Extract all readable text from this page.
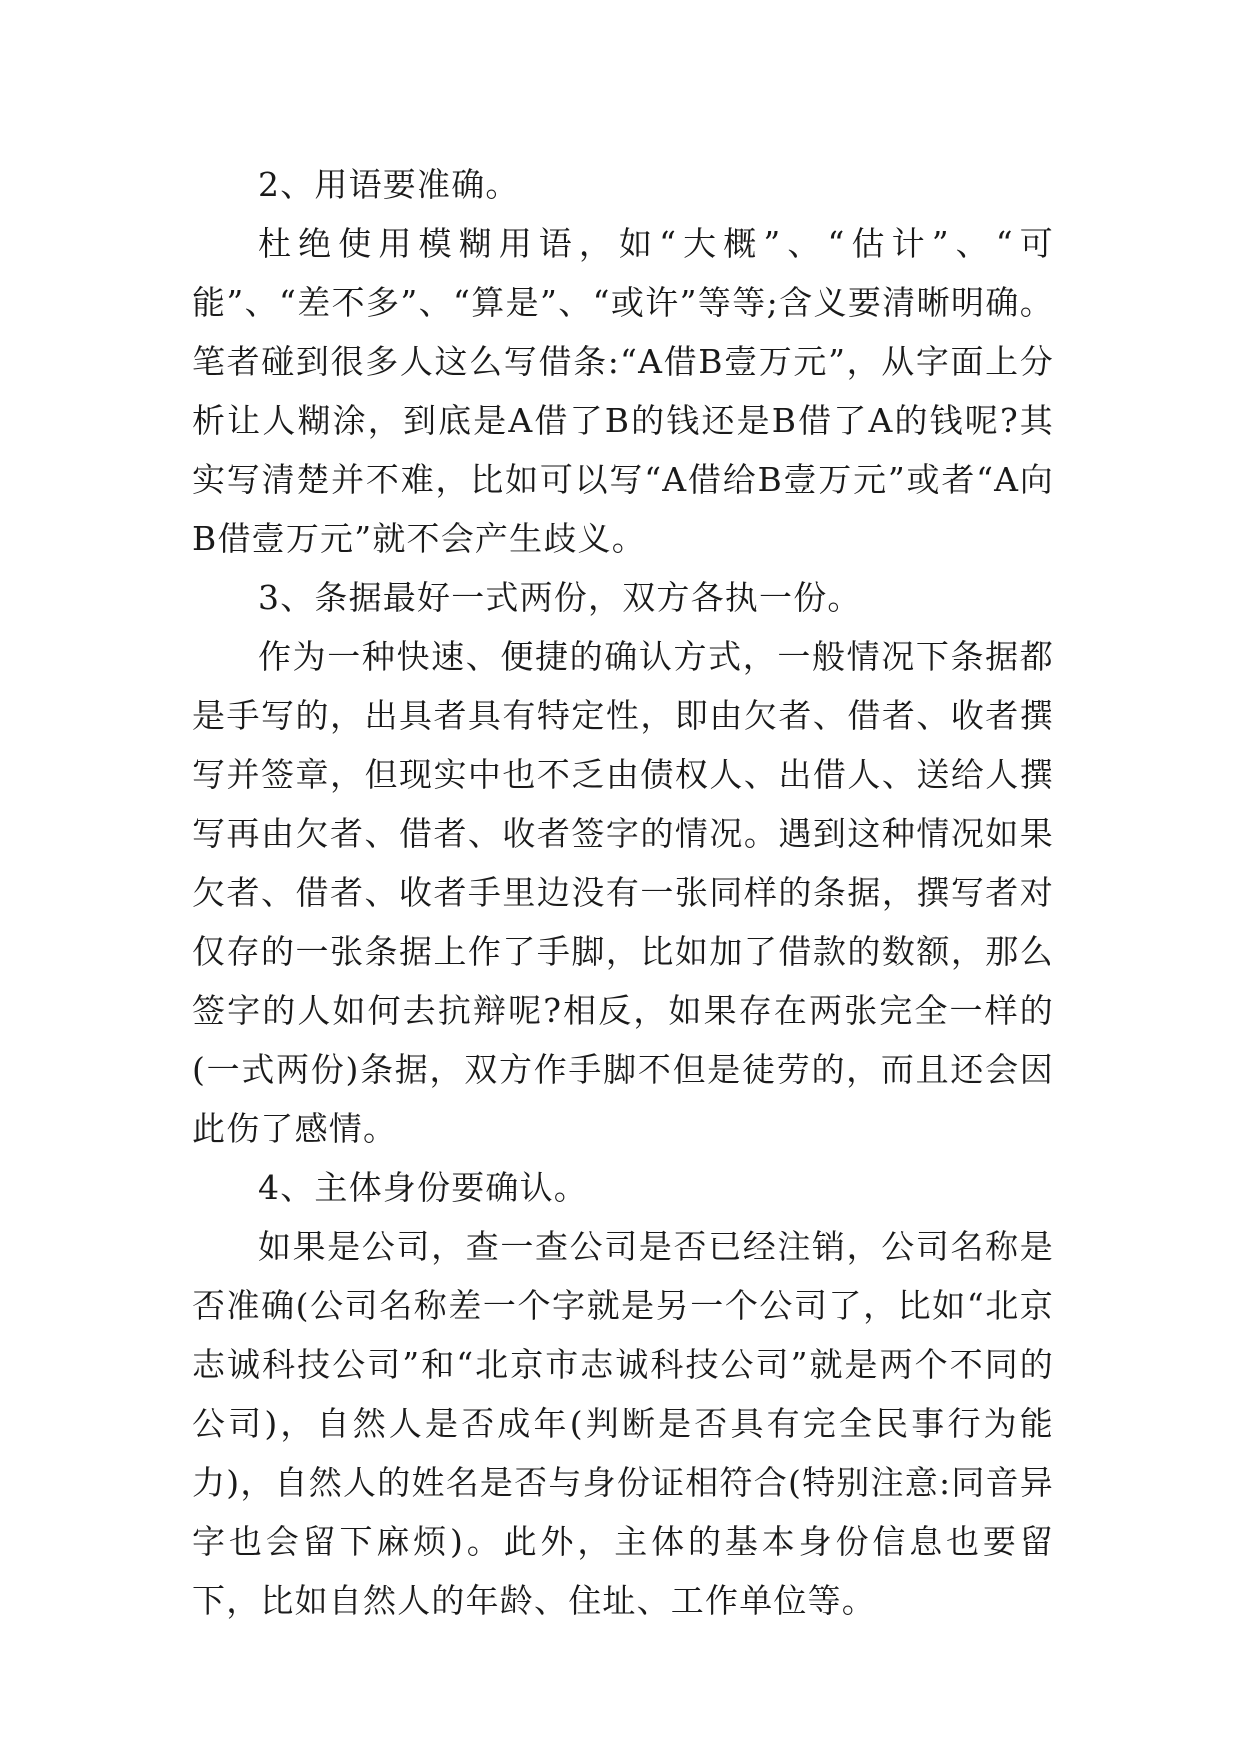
2、用语要准确。

杜绝使用模糊用语，如“大概”、“估计”、“可能”、“差不多”、“算是”、“或许”等等;含义要清晰明确。笔者碰到很多人这么写借条:“A借B壹万元”，从字面上分析让人糊涂，到底是A借了B的钱还是B借了A的钱呢?其实写清楚并不难，比如可以写“A借给B壹万元”或者“A向B借壹万元”就不会产生歧义。

3、条据最好一式两份，双方各执一份。

作为一种快速、便捷的确认方式，一般情况下条据都是手写的，出具者具有特定性，即由欠者、借者、收者撰写并签章，但现实中也不乏由债权人、出借人、送给人撰写再由欠者、借者、收者签字的情况。遇到这种情况如果欠者、借者、收者手里边没有一张同样的条据，撰写者对仅存的一张条据上作了手脚，比如加了借款的数额，那么签字的人如何去抗辩呢?相反，如果存在两张完全一样的(一式两份)条据，双方作手脚不但是徒劳的，而且还会因此伤了感情。

4、主体身份要确认。

如果是公司，查一查公司是否已经注销，公司名称是否准确(公司名称差一个字就是另一个公司了，比如“北京志诚科技公司”和“北京市志诚科技公司”就是两个不同的公司)，自然人是否成年(判断是否具有完全民事行为能力)，自然人的姓名是否与身份证相符合(特别注意:同音异字也会留下麻烦)。此外，主体的基本身份信息也要留下，比如自然人的年龄、住址、工作单位等。
